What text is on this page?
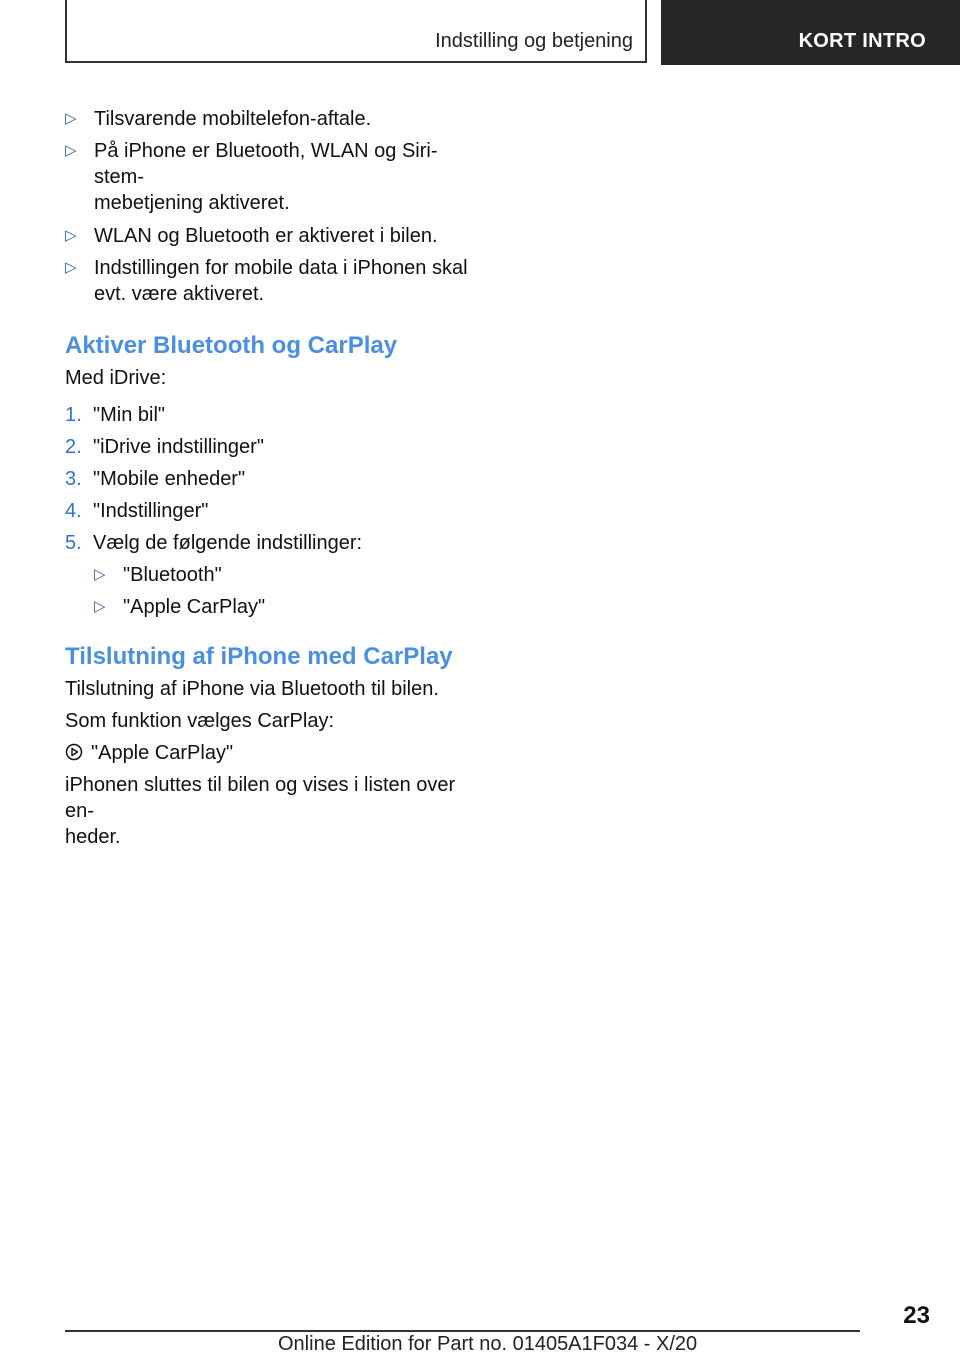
Indstilling og betjening	KORT INTRO
▷ Tilsvarende mobiltelefon-aftale.
▷ På iPhone er Bluetooth, WLAN og Siri-stem-
mebetjening aktiveret.
▷ WLAN og Bluetooth er aktiveret i bilen.
▷ Indstillingen for mobile data i iPhonen skal
evt. være aktiveret.
Aktiver Bluetooth og CarPlay

Med iDrive:

1. "Min bil"
2. "iDrive indstillinger"
3. "Mobile enheder"
4. "Indstillinger"
5. Vælg de følgende indstillinger:
▷ "Bluetooth"
▷ "Apple CarPlay"
Tilslutning af iPhone med CarPlay

Tilslutning af iPhone via Bluetooth til bilen.

Som funktion vælges CarPlay:

"Apple CarPlay"

iPhonen sluttes til bilen og vises i listen over en-
heder.

23
Online Edition for Part no. 01405A1F034 - X/20
